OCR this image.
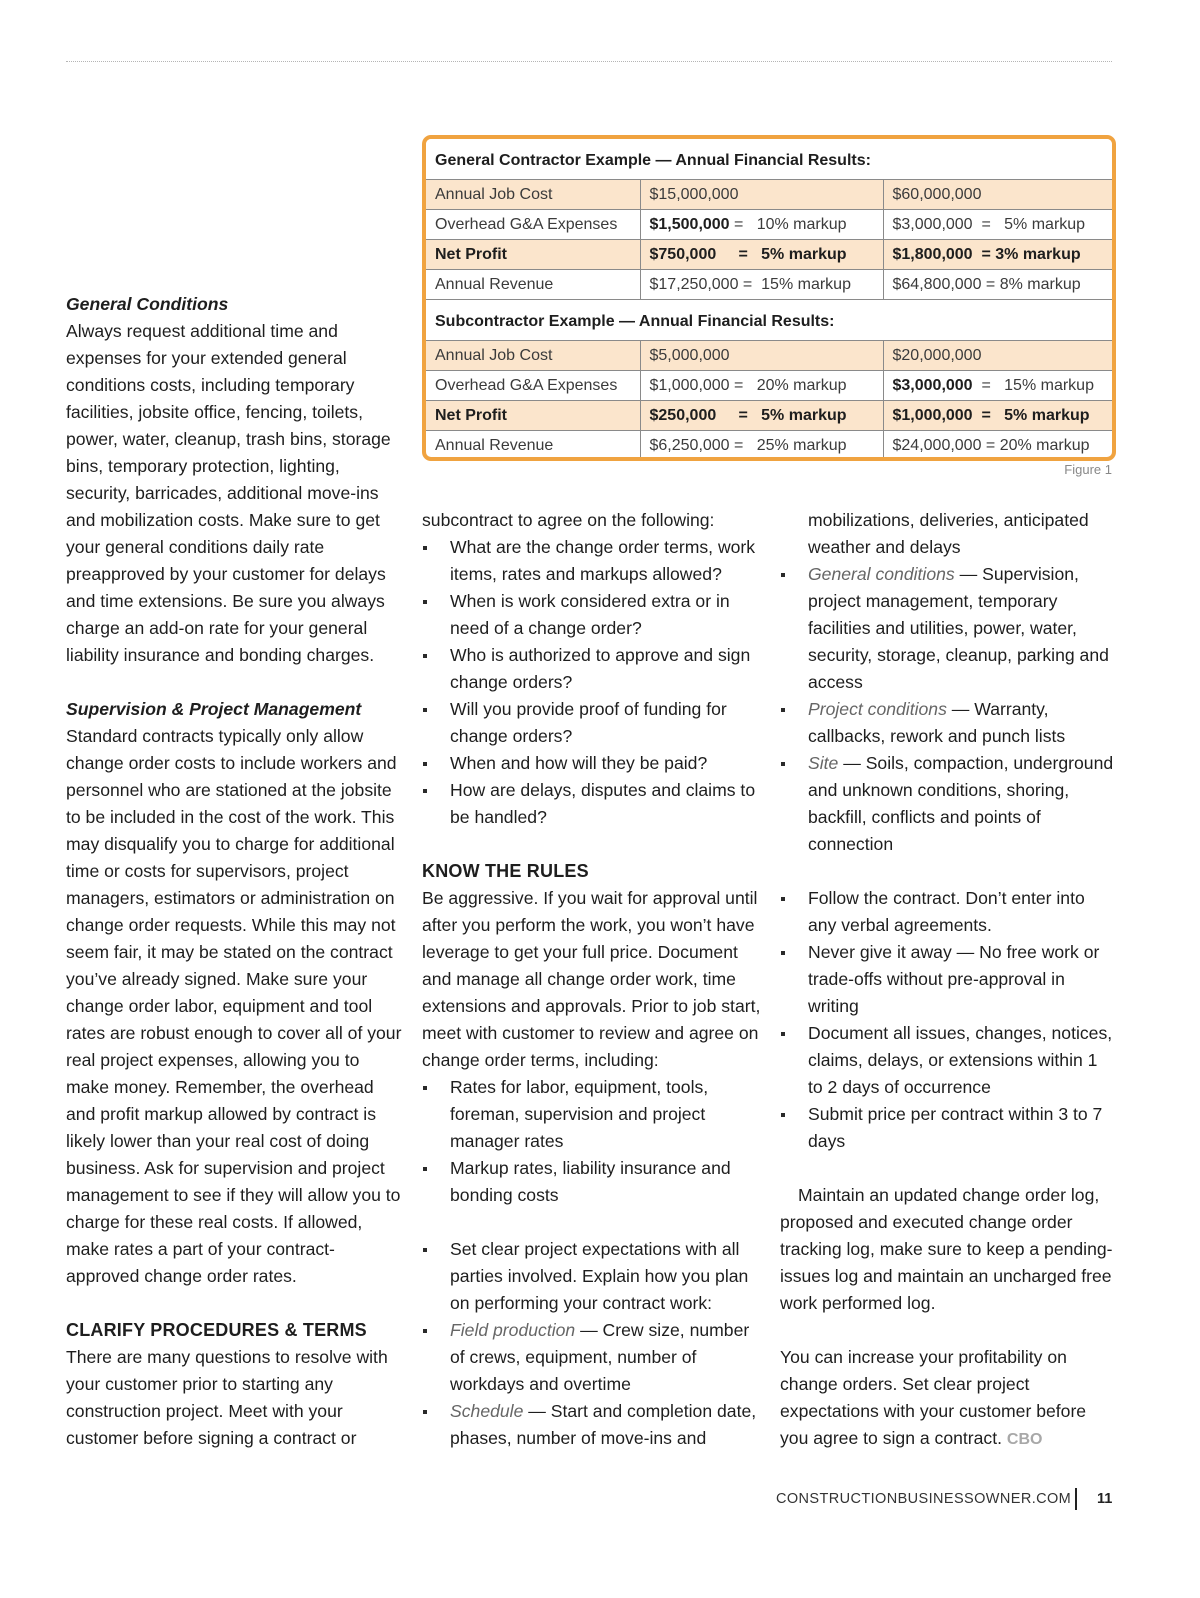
General Contractor Example — Annual Financial Results:		
Annual Job Cost	$15,000,000	$60,000,000
Overhead G&A Expenses	$1,500,000 =   10% markup	$3,000,000  =   5% markup
Net Profit	$750,000     =   5% markup	$1,800,000  = 3% markup
Annual Revenue	$17,250,000 =  15% markup	$64,800,000 = 8% markup
Subcontractor Example — Annual Financial Results:		
Annual Job Cost	$5,000,000	$20,000,000
Overhead G&A Expenses	$1,000,000 =   20% markup	$3,000,000  =   15% markup
Net Profit	$250,000     =   5% markup	$1,000,000  =   5% markup
Annual Revenue	$6,250,000 =   25% markup	$24,000,000 = 20% markup
Figure 1

General Conditions

Always request additional time and expenses for your extended general conditions costs, including temporary facilities, jobsite office, fencing, toilets, power, water, cleanup, trash bins, storage bins, temporary protection, lighting, security, barricades, additional move-ins and mobilization costs. Make sure to get your general conditions daily rate preapproved by your customer for delays and time extensions. Be sure you always charge an add-on rate for your general liability insurance and bonding charges.

Supervision & Project Management

Standard contracts typically only allow change order costs to include workers and personnel who are stationed at the jobsite to be included in the cost of the work. This may disqualify you to charge for additional time or costs for supervisors, project managers, estimators or administration on change order requests. While this may not seem fair, it may be stated on the contract you’ve already signed. Make sure your change order labor, equipment and tool rates are robust enough to cover all of your real project expenses, allowing you to make money. Remember, the overhead and profit markup allowed by contract is likely lower than your real cost of doing business. Ask for supervision and project management to see if they will allow you to charge for these real costs. If allowed, make rates a part of your contract-approved change order rates.

CLARIFY PROCEDURES & TERMS

There are many questions to resolve with your customer prior to starting any construction project. Meet with your customer before signing a contract or

subcontract to agree on the following:

What are the change order terms, work items, rates and markups allowed?
When is work considered extra or in need of a change order?
Who is authorized to approve and sign change orders?
Will you provide proof of funding for change orders?
When and how will they be paid?
How are delays, disputes and claims to be handled?

KNOW THE RULES

Be aggressive. If you wait for approval until after you perform the work, you won’t have leverage to get your full price. Document and manage all change order work, time extensions and approvals. Prior to job start, meet with customer to review and agree on change order terms, including:

Rates for labor, equipment, tools, foreman, supervision and project manager rates
Markup rates, liability insurance and bonding costs
Set clear project expectations with all parties involved. Explain how you plan on performing your contract work:
Field production — Crew size, number of crews, equipment, number of workdays and overtime
Schedule — Start and completion date, phases, number of move-ins and
mobilizations, deliveries, anticipated weather and delays
General conditions — Supervision, project management, temporary facilities and utilities, power, water, security, storage, cleanup, parking and access
Project conditions — Warranty, callbacks, rework and punch lists
Site — Soils, compaction, underground and unknown conditions, shoring, backfill, conflicts and points of connection
Follow the contract. Don’t enter into any verbal agreements.
Never give it away — No free work or trade-offs without pre-approval in writing
Document all issues, changes, notices, claims, delays, or extensions within 1 to 2 days of occurrence
Submit price per contract within 3 to 7 days

Maintain an updated change order log, proposed and executed change order tracking log, make sure to keep a pending-issues log and maintain an uncharged free work performed log.

You can increase your profitability on change orders. Set clear project expectations with your customer before you agree to sign a contract. CBO

CONSTRUCTIONBUSINESSOWNER.COM 11
